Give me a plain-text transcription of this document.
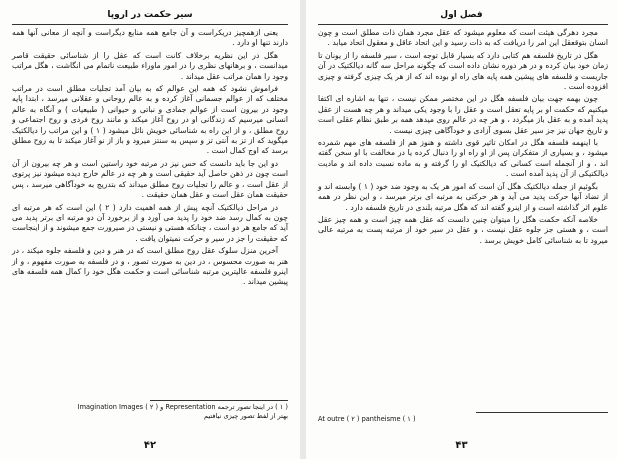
سیر حکمت در اروپا

یعنی ازهمچیز دریکراست و آن جامع همه منابع دیگراست و آنچه از معانی آنها همه دارند تنها او دارد .

هگل در این نظریه برخلاف کانت است که عقل را از شناسائی حقیقت قاصر میدانست ، و برهانهای نظری را در امور ماوراء طبیعت ناتمام می انگاشت ، هگل مراتب وجود را همان مراتب عقل میداند .

فراموش نشود که همه این عوالم که به بیان آمد تجلیات مطلق است در مراتب مختلف که از عوالم جسمانی آغاز کرده و به عالم روحانی و عقلانی میرسد ، ابتدا پایه وجود در بیرون است از عوالم جمادی و نباتی و حیوانی ( طبیعیات ) و آنگاه به عالم انسانی میرسیم که زندگانی او در روح آغاز میکند و مانند روح فردی و روح اجتماعی و روح مطلق ، و از این راه به شناسائی خویش نائل میشود ( ۱ ) و این مراتب را دیالکتیک میگوید که از تز به آنتی تز و سپس به سنتز میرود و باز از نو آغاز میکند تا به روح مطلق برسد که اوج کمال است .

دو این جا باید دانست که حس نیز در مرتبه خود راستین است و هر چه بیرون از آن است چون در ذهن حاصل آید حقیقی است و هر چه در عالم خارج دیده میشود نیز پرتوی از عقل است ، و عالم را تجلیات روح مطلق میداند که بتدریج به خودآگاهی میرسد ، پس حقیقت همان عقل است و عقل همان حقیقت .

در مراحل دیالکتیک آنچه پیش از همه اهمیت دارد ( ۲ ) این است که هر مرتبه ای چون به کمال رسد ضد خود را پدید می آورد و از برخورد آن دو مرتبه ای برتر پدید می آید که جامع هر دو است ، چنانکه هستی و نیستی در صیرورت جمع میشوند و از اینجاست که حقیقت را جز در سیر و حرکت نمیتوان یافت .

آخرین منزل سلوک عقل روح مطلق است که در هنر و دین و فلسفه جلوه میکند ، در هنر به صورت محسوس ، در دین به صورت تصور ، و در فلسفه به صورت مفهوم ، و از اینرو فلسفه عالیترین مرتبه شناسائی است و حکمت هگل خود را کمال همه فلسفه های پیشین میداند .

( ۱ ) در اینجا تصور ترجمه Representation و ( ۲ ) Imagination Images
بهتر از لفظ تصور چیزی نیافتیم
۴۲
فصل اول

مجرد دهرگی هیئت است که معلوم میشود که عقل مجرد همان ذات مطلق است و چون انسان بتوقعقل این امر را دریافت که به ذات رسید و این اتحاد عاقل و معقول اتحاد میابد .

هگل در تاریخ فلسفه هم کتابی دارد که بسیار قابل توجه است ، سیر فلسفه را از یونان تا زمان خود بیان کرده و در هر دوره نشان داده است که چگونه مراحل سه گانه دیالکتیک در آن جاریست و فلسفه های پیشین همه پایه های راه او بوده اند که از هر یک چیزی گرفته و چیزی افزوده است .

چون بهمه جهت بیان فلسفه هگل در این مختصر ممکن نیست ، تنها به اشاره ای اکتفا میکنیم که حکمت او بر پایه تعقل است و عقل را با وجود یکی میداند و هر چه هست از عقل پدید آمده و به عقل باز میگردد ، و هر چه در عالم روی میدهد همه بر طبق نظام عقلی است و تاریخ جهان نیز جز سیر عقل بسوی آزادی و خودآگاهی چیزی نیست .

با اینهمه فلسفه هگل در امکان تاثیر قوی داشته و هنوز هم از فلسفه های مهم شمرده میشود ، و بسیاری از متفکران پس از او راه او را دنبال کرده یا در مخالفت با او سخن گفته اند ، و از آنجمله است کسانی که دیالکتیک او را گرفته و به ماده نسبت داده اند و مادیت دیالکتیکی از آن پدید آمده است .

بگوئیم از جمله دیالکتیک هگل آن است که امور هر یک به وجود ضد خود ( ۱ ) وابسته اند و از تضاد آنها حرکت پدید می آید و هر حرکتی به مرتبه ای برتر میرسد ، و این نظر در همه علوم اثر گذاشته است و از اینرو گفته اند که هگل مرتبه بلندی در تاریخ فلسفه دارد .

خلاصه آنکه حکمت هگل را میتوان چنین دانست که عقل همه چیز است و همه چیز عقل است ، و هستی جز جلوه عقل نیست ، و عقل در سیر خود از مرتبه پست به مرتبه عالی میرود تا به شناسائی کامل خویش برسد .

At outre ( ۲ ) pantheisme ( ۱ )
۴۳
